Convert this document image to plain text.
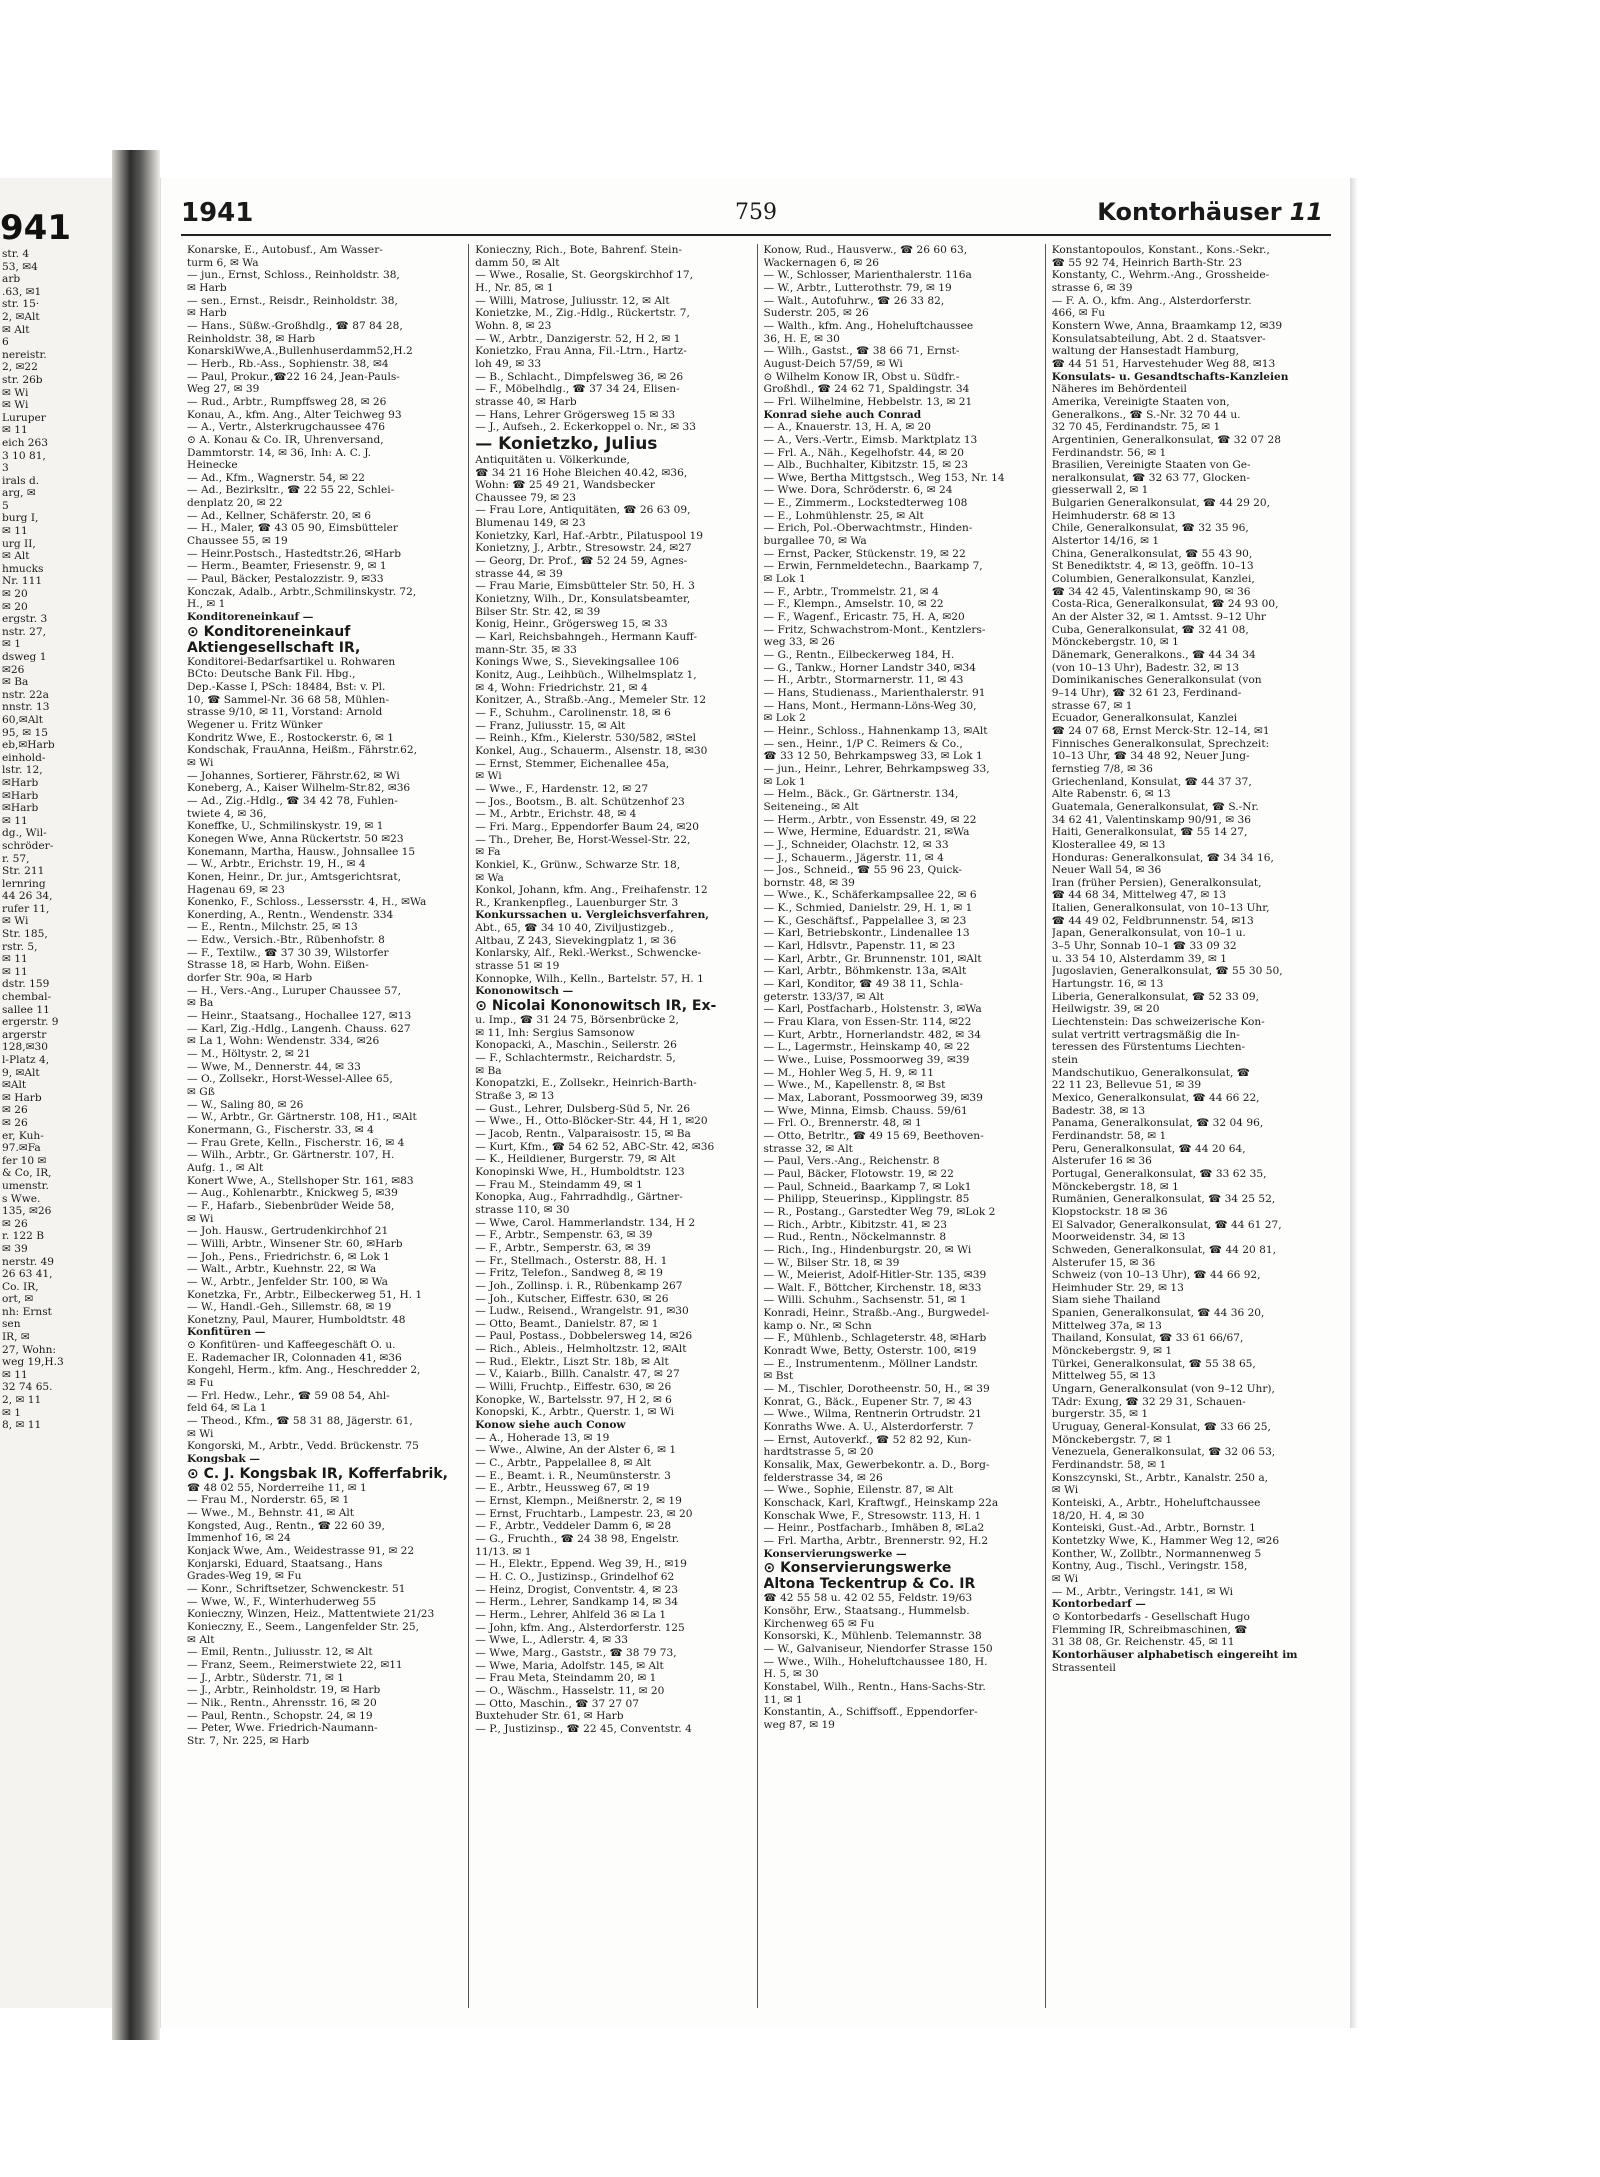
941
str. 4
53, ✉4
arb
.63, ✉1
str. 15·
2, ✉Alt
✉ Alt
6
nereistr.
2, ✉22
str. 26b
✉ Wi
✉ Wi
Luruper
✉ 11
eich 263
3 10 81,
3
irals d.
arg, ✉
5
burg I,
✉ 11
urg II,
✉ Alt
hmucks
Nr. 111
✉ 20
✉ 20
ergstr. 3
nstr. 27,
✉ 1
dsweg 1
✉26
✉ Ba
nstr. 22a
nnstr. 13
60,✉Alt
95, ✉ 15
eb,✉Harb
einhold-
lstr. 12,
✉Harb
✉Harb
✉Harb
✉ 11
dg., Wil-
schröder-
r. 57,
Str. 211
lernring
44 26 34,
rufer 11,
✉ Wi
Str. 185,
rstr. 5,
✉ 11
✉ 11
dstr. 159
chembal-
sallee 11
ergerstr. 9
argerstr
128,✉30
l-Platz 4,
9, ✉Alt
✉Alt
✉ Harb
✉ 26
✉ 26
er, Kuh-
97.✉Fa
fer 10 ✉
& Co, IR,
umenstr.
s Wwe.
135, ✉26
✉ 26
r. 122 B
✉ 39
nerstr. 49
26 63 41,
Co. IR,
ort, ✉
nh: Ernst
sen
IR, ✉
27, Wohn:
weg 19,H.3
✉ 11
32 74 65.
2, ✉ 11
✉ 1
8, ✉ 11
1941	759	Kontorhäuser 11
Konarske, E., Autobusf., Am Wasser-
turm 6, ✉ Wa
— jun., Ernst, Schloss., Reinholdstr. 38,
✉ Harb
— sen., Ernst., Reisdr., Reinholdstr. 38,
✉ Harb
— Hans., Süßw.-Großhdlg., ☎ 87 84 28,
Reinholdstr. 38, ✉ Harb
KonarskiWwe,A.,Bullenhuserdamm52,H.2
— Herb., Rb.-Ass., Sophienstr. 38, ✉4
— Paul, Prokur.,☎22 16 24, Jean-Pauls-
Weg 27, ✉ 39
— Rud., Arbtr., Rumpffsweg 28, ✉ 26
Konau, A., kfm. Ang., Alter Teichweg 93
— A., Vertr., Alsterkrugchaussee 476
⊙ A. Konau & Co. IR, Uhrenversand,
Dammtorstr. 14, ✉ 36, Inh: A. C. J.
Heinecke
— Ad., Kfm., Wagnerstr. 54, ✉ 22
— Ad., Bezirksltr., ☎ 22 55 22, Schlei-
denplatz 20, ✉ 22
— Ad., Kellner, Schäferstr. 20, ✉ 6
— H., Maler, ☎ 43 05 90, Eimsbütteler
Chaussee 55, ✉ 19
— Heinr.Postsch., Hastedtstr.26, ✉Harb
— Herm., Beamter, Friesenstr. 9, ✉ 1
— Paul, Bäcker, Pestalozzistr. 9, ✉33
Konczak, Adalb., Arbtr.,Schmilinskystr. 72,
H., ✉ 1
Konditoreneinkauf —
⊙ Konditoreneinkauf
Aktiengesellschaft IR,
Konditorei-Bedarfsartikel u. Rohwaren
BCto: Deutsche Bank Fil. Hbg.,
Dep.-Kasse I, PSch: 18484, Bst: v. Pl.
10, ☎ Sammel-Nr. 36 68 58, Mühlen-
strasse 9/10, ✉ 11, Vorstand: Arnold
Wegener u. Fritz Wünker
Kondritz Wwe, E., Rostockerstr. 6, ✉ 1
Kondschak, FrauAnna, Heißm., Fährstr.62,
✉ Wi
— Johannes, Sortierer, Fährstr.62, ✉ Wi
Koneberg, A., Kaiser Wilhelm-Str.82, ✉36
— Ad., Zig.-Hdlg., ☎ 34 42 78, Fuhlen-
twiete 4, ✉ 36,
Koneffke, U., Schmilinskystr. 19, ✉ 1
Konegen Wwe, Anna Rückertstr. 50 ✉23
Konemann, Martha, Hausw., Johnsallee 15
— W., Arbtr., Erichstr. 19, H., ✉ 4
Konen, Heinr., Dr. jur., Amtsgerichtsrat,
Hagenau 69, ✉ 23
Konenko, F., Schloss., Lessersstr. 4, H., ✉Wa
Konerding, A., Rentn., Wendenstr. 334
— E., Rentn., Milchstr. 25, ✉ 13
— Edw., Versich.-Btr., Rübenhofstr. 8
— F., Textilw., ☎ 37 30 39, Wilstorfer
Strasse 18, ✉ Harb, Wohn. Eißen-
dorfer Str. 90a, ✉ Harb
— H., Vers.-Ang., Luruper Chaussee 57,
✉ Ba
— Heinr., Staatsang., Hochallee 127, ✉13
— Karl, Zig.-Hdlg., Langenh. Chauss. 627
✉ La 1, Wohn: Wendenstr. 334, ✉26
— M., Höltystr. 2, ✉ 21
— Wwe, M., Dennerstr. 44, ✉ 33
— O., Zollsekr., Horst-Wessel-Allee 65,
✉ Gß
— W., Saling 80, ✉ 26
— W., Arbtr., Gr. Gärtnerstr. 108, H1., ✉Alt
Konermann, G., Fischerstr. 33, ✉ 4
— Frau Grete, Kelln., Fischerstr. 16, ✉ 4
— Wilh., Arbtr., Gr. Gärtnerstr. 107, H.
Aufg. 1., ✉ Alt
Konert Wwe, A., Stellshoper Str. 161, ✉83
— Aug., Kohlenarbtr., Knickweg 5, ✉39
— F., Hafarb., Siebenbrüder Weide 58,
✉ Wi
— Joh. Hausw., Gertrudenkirchhof 21
— Willi, Arbtr., Winsener Str. 60, ✉Harb
— Joh., Pens., Friedrichstr. 6, ✉ Lok 1
— Walt., Arbtr., Kuehnstr. 22, ✉ Wa
— W., Arbtr., Jenfelder Str. 100, ✉ Wa
Konetzka, Fr., Arbtr., Eilbeckerweg 51, H. 1
— W., Handl.-Geh., Sillemstr. 68, ✉ 19
Konetzny, Paul, Maurer, Humboldtstr. 48
Konfitüren —
⊙ Konfitüren- und Kaffeegeschäft O. u.
E. Rademacher IR, Colonnaden 41, ✉36
Kongehl, Herm., kfm. Ang., Heschredder 2,
✉ Fu
— Frl. Hedw., Lehr., ☎ 59 08 54, Ahl-
feld 64, ✉ La 1
— Theod., Kfm., ☎ 58 31 88, Jägerstr. 61,
✉ Wi
Kongorski, M., Arbtr., Vedd. Brückenstr. 75
Kongsbak —
⊙ C. J. Kongsbak IR, Kofferfabrik,
☎ 48 02 55, Norderreihe 11, ✉ 1
— Frau M., Norderstr. 65, ✉ 1
— Wwe., M., Behnstr. 41, ✉ Alt
Kongsted, Aug., Rentn., ☎ 22 60 39,
Immenhof 16, ✉ 24
Konjack Wwe, Am., Weidestrasse 91, ✉ 22
Konjarski, Eduard, Staatsang., Hans
Grades-Weg 19, ✉ Fu
— Konr., Schriftsetzer, Schwenckestr. 51
— Wwe, W., F., Winterhuderweg 55
Konieczny, Winzen, Heiz., Mattentwiete 21/23
Konieczny, E., Seem., Langenfelder Str. 25,
✉ Alt
— Emil, Rentn., Juliusstr. 12, ✉ Alt
— Franz, Seem., Reimerstwiete 22, ✉11
— J., Arbtr., Süderstr. 71, ✉ 1
— J., Arbtr., Reinholdstr. 19, ✉ Harb
— Nik., Rentn., Ahrensstr. 16, ✉ 20
— Paul, Rentn., Schopstr. 24, ✉ 19
— Peter, Wwe. Friedrich-Naumann-
Str. 7, Nr. 225, ✉ Harb
Konieczny, Rich., Bote, Bahrenf. Stein-
damm 50, ✉ Alt
— Wwe., Rosalie, St. Georgskirchhof 17,
H., Nr. 85, ✉ 1
— Willi, Matrose, Juliusstr. 12, ✉ Alt
Konietzke, M., Zig.-Hdlg., Rückertstr. 7,
Wohn. 8, ✉ 23
— W., Arbtr., Danzigerstr. 52, H 2, ✉ 1
Konietzko, Frau Anna, Fil.-Ltrn., Hartz-
loh 49, ✉ 33
— B., Schlacht., Dimpfelsweg 36, ✉ 26
— F., Möbelhdlg., ☎ 37 34 24, Elisen-
strasse 40, ✉ Harb
— Hans, Lehrer Grögersweg 15 ✉ 33
— J., Aufseh., 2. Eckerkoppel o. Nr., ✉ 33
— Konietzko, Julius
Antiquitäten u. Völkerkunde,
☎ 34 21 16 Hohe Bleichen 40.42, ✉36,
Wohn: ☎ 25 49 21, Wandsbecker
Chaussee 79, ✉ 23
— Frau Lore, Antiquitäten, ☎ 26 63 09,
Blumenau 149, ✉ 23
Konietzky, Karl, Haf.-Arbtr., Pilatuspool 19
Konietzny, J., Arbtr., Stresowstr. 24, ✉27
— Georg, Dr. Prof., ☎ 52 24 59, Agnes-
strasse 44, ✉ 39
— Frau Marie, Eimsbütteler Str. 50, H. 3
Konietzny, Wilh., Dr., Konsulatsbeamter,
Bilser Str. Str. 42, ✉ 39
Konig, Heinr., Grögersweg 15, ✉ 33
— Karl, Reichsbahngeh., Hermann Kauff-
mann-Str. 35, ✉ 33
Konings Wwe, S., Sievekingsallee 106
Konitz, Aug., Leihbüch., Wilhelmsplatz 1,
✉ 4, Wohn: Friedrichstr. 21, ✉ 4
Konitzer, A., Straßb.-Ang., Memeler Str. 12
— F., Schuhm., Carolinenstr. 18, ✉ 6
— Franz, Juliusstr. 15, ✉ Alt
— Reinh., Kfm., Kielerstr. 530/582, ✉Stel
Konkel, Aug., Schauerm., Alsenstr. 18, ✉30
— Ernst, Stemmer, Eichenallee 45a,
✉ Wi
— Wwe., F., Hardenstr. 12, ✉ 27
— Jos., Bootsm., B. alt. Schützenhof 23
— M., Arbtr., Erichstr. 48, ✉ 4
— Fri. Marg., Eppendorfer Baum 24, ✉20
— Th., Dreher, Be, Horst-Wessel-Str. 22,
✉ Fa
Konkiel, K., Grünw., Schwarze Str. 18,
✉ Wa
Konkol, Johann, kfm. Ang., Freihafenstr. 12
R., Krankenpfleg., Lauenburger Str. 3
Konkurssachen u. Vergleichsverfahren,
Abt., 65, ☎ 34 10 40, Ziviljustizgeb.,
Altbau, Z 243, Sievekingplatz 1, ✉ 36
Konlarsky, Alf., Rekl.-Werkst., Schwencke-
strasse 51 ✉ 19
Konnopke, Wilh., Kelln., Bartelstr. 57, H. 1
Kononowitsch —
⊙ Nicolai Kononowitsch IR, Ex-
u. Imp., ☎ 31 24 75, Börsenbrücke 2,
✉ 11, Inh: Sergius Samsonow
Konopacki, A., Maschin., Seilerstr. 26
— F., Schlachtermstr., Reichardstr. 5,
✉ Ba
Konopatzki, E., Zollsekr., Heinrich-Barth-
Straße 3, ✉ 13
— Gust., Lehrer, Dulsberg-Süd 5, Nr. 26
— Wwe., H., Otto-Blöcker-Str. 44, H 1, ✉20
— Jacob, Rentn., Valparaisostr. 15, ✉ Ba
— Kurt, Kfm., ☎ 54 62 52, ABC-Str. 42, ✉36
— K., Heildiener, Burgerstr. 79, ✉ Alt
Konopinski Wwe, H., Humboldtstr. 123
— Frau M., Steindamm 49, ✉ 1
Konopka, Aug., Fahrradhdlg., Gärtner-
strasse 110, ✉ 30
— Wwe, Carol. Hammerlandstr. 134, H 2
— F., Arbtr., Sempenstr. 63, ✉ 39
— F., Arbtr., Semperstr. 63, ✉ 39
— Fr., Stellmach., Osterstr. 88, H. 1
— Fritz, Telefon., Sandweg 8, ✉ 19
— Joh., Zollinsp. i. R., Rübenkamp 267
— Joh., Kutscher, Eiffestr. 630, ✉ 26
— Ludw., Reisend., Wrangelstr. 91, ✉30
— Otto, Beamt., Danielstr. 87, ✉ 1
— Paul, Postass., Dobbelersweg 14, ✉26
— Rich., Ableis., Helmholtzstr. 12, ✉Alt
— Rud., Elektr., Liszt Str. 18b, ✉ Alt
— V., Kaiarb., Billh. Canalstr. 47, ✉ 27
— Willi, Fruchtp., Eiffestr. 630, ✉ 26
Konopke, W., Bartelsstr. 97, H 2, ✉ 6
Konopski, K., Arbtr., Querstr. 1, ✉ Wi
Konow siehe auch Conow
— A., Hoherade 13, ✉ 19
— Wwe., Alwine, An der Alster 6, ✉ 1
— C., Arbtr., Pappelallee 8, ✉ Alt
— E., Beamt. i. R., Neumünsterstr. 3
— E., Arbtr., Heussweg 67, ✉ 19
— Ernst, Klempn., Meißnerstr. 2, ✉ 19
— Ernst, Fruchtarb., Lampestr. 23, ✉ 20
— F., Arbtr., Veddeler Damm 6, ✉ 28
— G., Fruchth., ☎ 24 38 98, Engelstr.
11/13. ✉ 1
— H., Elektr., Eppend. Weg 39, H., ✉19
— H. C. O., Justizinsp., Grindelhof 62
— Heinz, Drogist, Conventstr. 4, ✉ 23
— Herm., Lehrer, Sandkamp 14, ✉ 34
— Herm., Lehrer, Ahlfeld 36 ✉ La 1
— John, kfm. Ang., Alsterdorferstr. 125
— Wwe, L., Adlerstr. 4, ✉ 33
— Wwe, Marg., Gaststr., ☎ 38 79 73,
— Wwe, Maria, Adolfstr. 145, ✉ Alt
— Frau Meta, Steindamm 20, ✉ 1
— O., Wäschm., Hasselstr. 11, ✉ 20
— Otto, Maschin., ☎ 37 27 07
Buxtehuder Str. 61, ✉ Harb
— P., Justizinsp., ☎ 22 45, Conventstr. 4
Konow, Rud., Hausverw., ☎ 26 60 63,
Wackernagen 6, ✉ 26
— W., Schlosser, Marienthalerstr. 116a
— W., Arbtr., Lutterothstr. 79, ✉ 19
— Walt., Autofuhrw., ☎ 26 33 82,
Suderstr. 205, ✉ 26
— Walth., kfm. Ang., Hoheluftchaussee
36, H. E, ✉ 30
— Wilh., Gastst., ☎ 38 66 71, Ernst-
August-Deich 57/59, ✉ Wi
⊙ Wilhelm Konow IR, Obst u. Südfr.-
Großhdl., ☎ 24 62 71, Spaldingstr. 34
— Frl. Wilhelmine, Hebbelstr. 13, ✉ 21
Konrad siehe auch Conrad
— A., Knauerstr. 13, H. A, ✉ 20
— A., Vers.-Vertr., Eimsb. Marktplatz 13
— Frl. A., Näh., Kegelhofstr. 44, ✉ 20
— Alb., Buchhalter, Kibitzstr. 15, ✉ 23
— Wwe, Bertha Mittgstsch., Weg 153, Nr. 14
— Wwe. Dora, Schröderstr. 6, ✉ 24
— E., Zimmerm., Lockstedterweg 108
— E., Lohmühlenstr. 25, ✉ Alt
— Erich, Pol.-Oberwachtmstr., Hinden-
burgallee 70, ✉ Wa
— Ernst, Packer, Stückenstr. 19, ✉ 22
— Erwin, Fernmeldetechn., Baarkamp 7,
✉ Lok 1
— F., Arbtr., Trommelstr. 21, ✉ 4
— F., Klempn., Amselstr. 10, ✉ 22
— F., Wagenf., Ericastr. 75, H. A, ✉20
— Fritz, Schwachstrom-Mont., Kentzlers-
weg 33, ✉ 26
— G., Rentn., Eilbeckerweg 184, H.
— G., Tankw., Horner Landstr 340, ✉34
— H., Arbtr., Stormarnerstr. 11, ✉ 43
— Hans, Studienass., Marienthalerstr. 91
— Hans, Mont., Hermann-Löns-Weg 30,
✉ Lok 2
— Heinr., Schloss., Hahnenkamp 13, ✉Alt
— sen., Heinr., 1/P C. Reimers & Co.,
☎ 33 12 50, Behrkampsweg 33, ✉ Lok 1
— jun., Heinr., Lehrer, Behrkampsweg 33,
✉ Lok 1
— Helm., Bäck., Gr. Gärtnerstr. 134,
Seiteneing., ✉ Alt
— Herm., Arbtr., von Essenstr. 49, ✉ 22
— Wwe, Hermine, Eduardstr. 21, ✉Wa
— J., Schneider, Olachstr. 12, ✉ 33
— J., Schauerm., Jägerstr. 11, ✉ 4
— Jos., Schneid., ☎ 55 96 23, Quick-
bornstr. 48, ✉ 39
— Wwe., K., Schäferkampsallee 22, ✉ 6
— K., Schmied, Danielstr. 29, H. 1, ✉ 1
— K., Geschäftsf., Pappelallee 3, ✉ 23
— Karl, Betriebskontr., Lindenallee 13
— Karl, Hdlsvtr., Papenstr. 11, ✉ 23
— Karl, Arbtr., Gr. Brunnenstr. 101, ✉Alt
— Karl, Arbtr., Böhmkenstr. 13a, ✉Alt
— Karl, Konditor, ☎ 49 38 11, Schla-
geterstr. 133/37, ✉ Alt
— Karl, Postfacharb., Holstenstr. 3, ✉Wa
— Frau Klara, von Essen-Str. 114, ✉22
— Kurt, Arbtr., Hornerlandstr. 482, ✉ 34
— L., Lagermstr., Heinskamp 40, ✉ 22
— Wwe., Luise, Possmoorweg 39, ✉39
— M., Hohler Weg 5, H. 9, ✉ 11
— Wwe., M., Kapellenstr. 8, ✉ Bst
— Max, Laborant, Possmoorweg 39, ✉39
— Wwe, Minna, Eimsb. Chauss. 59/61
— Frl. O., Brennerstr. 48, ✉ 1
— Otto, Betrltr., ☎ 49 15 69, Beethoven-
strasse 32, ✉ Alt
— Paul, Vers.-Ang., Reichenstr. 8
— Paul, Bäcker, Flotowstr. 19, ✉ 22
— Paul, Schneid., Baarkamp 7, ✉ Lok1
— Philipp, Steuerinsp., Kipplingstr. 85
— R., Postang., Garstedter Weg 79, ✉Lok 2
— Rich., Arbtr., Kibitzstr. 41, ✉ 23
— Rud., Rentn., Nöckelmannstr. 8
— Rich., Ing., Hindenburgstr. 20, ✉ Wi
— W., Bilser Str. 18, ✉ 39
— W., Meierist, Adolf-Hitler-Str. 135, ✉39
— Walt. F., Böttcher, Kirchenstr. 18, ✉33
— Willi. Schuhm., Sachsenstr. 51, ✉ 1
Konradi, Heinr., Straßb.-Ang., Burgwedel-
kamp o. Nr., ✉ Schn
— F., Mühlenb., Schlageterstr. 48, ✉Harb
Konradt Wwe, Betty, Osterstr. 100, ✉19
— E., Instrumentenm., Möllner Landstr.
✉ Bst
— M., Tischler, Dorotheenstr. 50, H., ✉ 39
Konrat, G., Bäck., Eupener Str. 7, ✉ 43
— Wwe., Wilma, Rentnerin Ortrudstr. 21
Konraths Wwe. A. U., Alsterdorferstr. 7
— Ernst, Autoverkf., ☎ 52 82 92, Kun-
hardtstrasse 5, ✉ 20
Konsalik, Max, Gewerbekontr. a. D., Borg-
felderstrasse 34, ✉ 26
— Wwe., Sophie, Eilenstr. 87, ✉ Alt
Konschack, Karl, Kraftwgf., Heinskamp 22a
Konschak Wwe, F., Stresowstr. 113, H. 1
— Heinr., Postfacharb., Imhäben 8, ✉La2
— Frl. Martha, Arbtr., Brennerstr. 92, H.2
Konservierungswerke —
⊙ Konservierungswerke
Altona Teckentrup & Co. IR
☎ 42 55 58 u. 42 02 55, Feldstr. 19/63
Konsöhr, Erw., Staatsang., Hummelsb.
Kirchenweg 65 ✉ Fu
Konsorski, K., Mühlenb. Telemannstr. 38
— W., Galvaniseur, Niendorfer Strasse 150
— Wwe., Wilh., Hoheluftchaussee 180, H.
H. 5, ✉ 30
Konstabel, Wilh., Rentn., Hans-Sachs-Str.
11, ✉ 1
Konstantin, A., Schiffsoff., Eppendorfer-
weg 87, ✉ 19
Konstantopoulos, Konstant., Kons.-Sekr.,
☎ 55 92 74, Heinrich Barth-Str. 23
Konstanty, C., Wehrm.-Ang., Grossheide-
strasse 6, ✉ 39
— F. A. O., kfm. Ang., Alsterdorferstr.
466, ✉ Fu
Konstern Wwe, Anna, Braamkamp 12, ✉39
Konsulatsabteilung, Abt. 2 d. Staatsver-
waltung der Hansestadt Hamburg,
☎ 44 51 51, Harvestehuder Weg 88, ✉13
Konsulats- u. Gesandtschafts-Kanzleien
Näheres im Behördenteil
Amerika, Vereinigte Staaten von,
Generalkons., ☎ S.-Nr. 32 70 44 u.
32 70 45, Ferdinandstr. 75, ✉ 1
Argentinien, Generalkonsulat, ☎ 32 07 28
Ferdinandstr. 56, ✉ 1
Brasilien, Vereinigte Staaten von Ge-
neralkonsulat, ☎ 32 63 77, Glocken-
giesserwall 2, ✉ 1
Bulgarien Generalkonsulat, ☎ 44 29 20,
Heimhuderstr. 68 ✉ 13
Chile, Generalkonsulat, ☎ 32 35 96,
Alstertor 14/16, ✉ 1
China, Generalkonsulat, ☎ 55 43 90,
St Benediktstr. 4, ✉ 13, geöffn. 10–13
Columbien, Generalkonsulat, Kanzlei,
☎ 34 42 45, Valentinskamp 90, ✉ 36
Costa-Rica, Generalkonsulat, ☎ 24 93 00,
An der Alster 32, ✉ 1. Amtsst. 9–12 Uhr
Cuba, Generalkonsulat, ☎ 32 41 08,
Mönckebergstr. 10, ✉ 1
Dänemark, Generalkons., ☎ 44 34 34
(von 10–13 Uhr), Badestr. 32, ✉ 13
Dominikanisches Generalkonsulat (von
9–14 Uhr), ☎ 32 61 23, Ferdinand-
strasse 67, ✉ 1
Ecuador, Generalkonsulat, Kanzlei
☎ 24 07 68, Ernst Merck-Str. 12–14, ✉1
Finnisches Generalkonsulat, Sprechzeit:
10–13 Uhr, ☎ 34 48 92, Neuer Jung-
fernstieg 7/8, ✉ 36
Griechenland, Konsulat, ☎ 44 37 37,
Alte Rabenstr. 6, ✉ 13
Guatemala, Generalkonsulat, ☎ S.-Nr.
34 62 41, Valentinskamp 90/91, ✉ 36
Haiti, Generalkonsulat, ☎ 55 14 27,
Klosterallee 49, ✉ 13
Honduras: Generalkonsulat, ☎ 34 34 16,
Neuer Wall 54, ✉ 36
Iran (früher Persien), Generalkonsulat,
☎ 44 68 34, Mittelweg 47, ✉ 13
Italien, Generalkonsulat, von 10–13 Uhr,
☎ 44 49 02, Feldbrunnenstr. 54, ✉13
Japan, Generalkonsulat, von 10–1 u.
3–5 Uhr, Sonnab 10–1 ☎ 33 09 32
u. 33 54 10, Alsterdamm 39, ✉ 1
Jugoslavien, Generalkonsulat, ☎ 55 30 50,
Hartungstr. 16, ✉ 13
Liberia, Generalkonsulat, ☎ 52 33 09,
Heilwigstr. 39, ✉ 20
Liechtenstein: Das schweizerische Kon-
sulat vertritt vertragsmäßig die In-
teressen des Fürstentums Liechten-
stein
Mandschutikuo, Generalkonsulat, ☎
22 11 23, Bellevue 51, ✉ 39
Mexico, Generalkonsulat, ☎ 44 66 22,
Badestr. 38, ✉ 13
Panama, Generalkonsulat, ☎ 32 04 96,
Ferdinandstr. 58, ✉ 1
Peru, Generalkonsulat, ☎ 44 20 64,
Alsterufer 16 ✉ 36
Portugal, Generalkonsulat, ☎ 33 62 35,
Mönckebergstr. 18, ✉ 1
Rumänien, Generalkonsulat, ☎ 34 25 52,
Klopstockstr. 18 ✉ 36
El Salvador, Generalkonsulat, ☎ 44 61 27,
Moorweidenstr. 34, ✉ 13
Schweden, Generalkonsulat, ☎ 44 20 81,
Alsterufer 15, ✉ 36
Schweiz (von 10–13 Uhr), ☎ 44 66 92,
Heimhuder Str. 29, ✉ 13
Siam siehe Thailand
Spanien, Generalkonsulat, ☎ 44 36 20,
Mittelweg 37a, ✉ 13
Thailand, Konsulat, ☎ 33 61 66/67,
Mönckebergstr. 9, ✉ 1
Türkei, Generalkonsulat, ☎ 55 38 65,
Mittelweg 55, ✉ 13
Ungarn, Generalkonsulat (von 9–12 Uhr),
TAdr: Exung, ☎ 32 29 31, Schauen-
burgerstr. 35, ✉ 1
Uruguay, General-Konsulat, ☎ 33 66 25,
Mönckebergstr. 7, ✉ 1
Venezuela, Generalkonsulat, ☎ 32 06 53,
Ferdinandstr. 58, ✉ 1
Konszcynski, St., Arbtr., Kanalstr. 250 a,
✉ Wi
Konteiski, A., Arbtr., Hoheluftchaussee
18/20, H. 4, ✉ 30
Konteiski, Gust.-Ad., Arbtr., Bornstr. 1
Kontetzky Wwe, K., Hammer Weg 12, ✉26
Konther, W., Zollbtr., Normannenweg 5
Kontny, Aug., Tischl., Veringstr. 158,
✉ Wi
— M., Arbtr., Veringstr. 141, ✉ Wi
Kontorbedarf —
⊙ Kontorbedarfs - Gesellschaft Hugo
Flemming IR, Schreibmaschinen, ☎
31 38 08, Gr. Reichenstr. 45, ✉ 11
Kontorhäuser alphabetisch eingereiht im
Strassenteil
